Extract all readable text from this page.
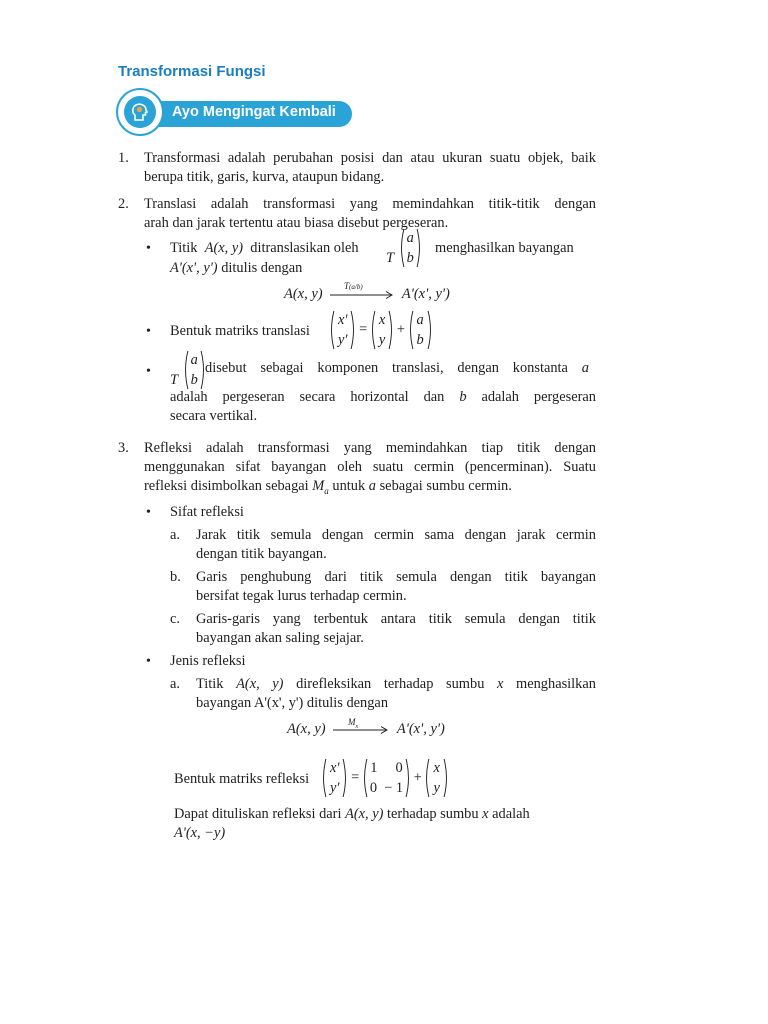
Transformasi Fungsi
Ayo Mengingat Kembali
1. Transformasi adalah perubahan posisi dan atau ukuran suatu objek, baik
berupa titik, garis, kurva, ataupun bidang.
2. Translasi adalah transformasi yang memindahkan titik-titik dengan
arah dan jarak tertentu atau biasa disebut pergeseran.
• Titik A(x, y) ditranslasikan oleh
T
a
b
menghasilkan bayangan
A'(x', y') ditulis dengan
A(x, y)	A'(x', y')
T(a/b)
• Bentuk matriks translasi
x'
y'
=
x
y
+
a
b
•
T
a
b
disebut sebagai komponen translasi, dengan konstanta a
adalah pergeseran secara horizontal dan b adalah pergeseran
secara vertikal.
3. Refleksi adalah transformasi yang memindahkan tiap titik dengan
menggunakan sifat bayangan oleh suatu cermin (pencerminan). Suatu
refleksi disimbolkan sebagai $M_a$ untuk a sebagai sumbu cermin.
• Sifat refleksi
a. Jarak titik semula dengan cermin sama dengan jarak cermin
dengan titik bayangan.
b. Garis penghubung dari titik semula dengan titik bayangan
bersifat tegak lurus terhadap cermin.
c. Garis-garis yang terbentuk antara titik semula dengan titik
bayangan akan saling sejajar.
• Jenis refleksi
a. Titik A(x, y) direfleksikan terhadap sumbu x menghasilkan
bayangan A'(x', y') ditulis dengan
A(x, y)	A'(x', y')
$M_x$
Bentuk matriks refleksi
x'
y'
=
1 0
0 − 1
+
x
y
Dapat dituliskan refleksi dari A(x, y) terhadap sumbu x adalah
A'(x, −y)
